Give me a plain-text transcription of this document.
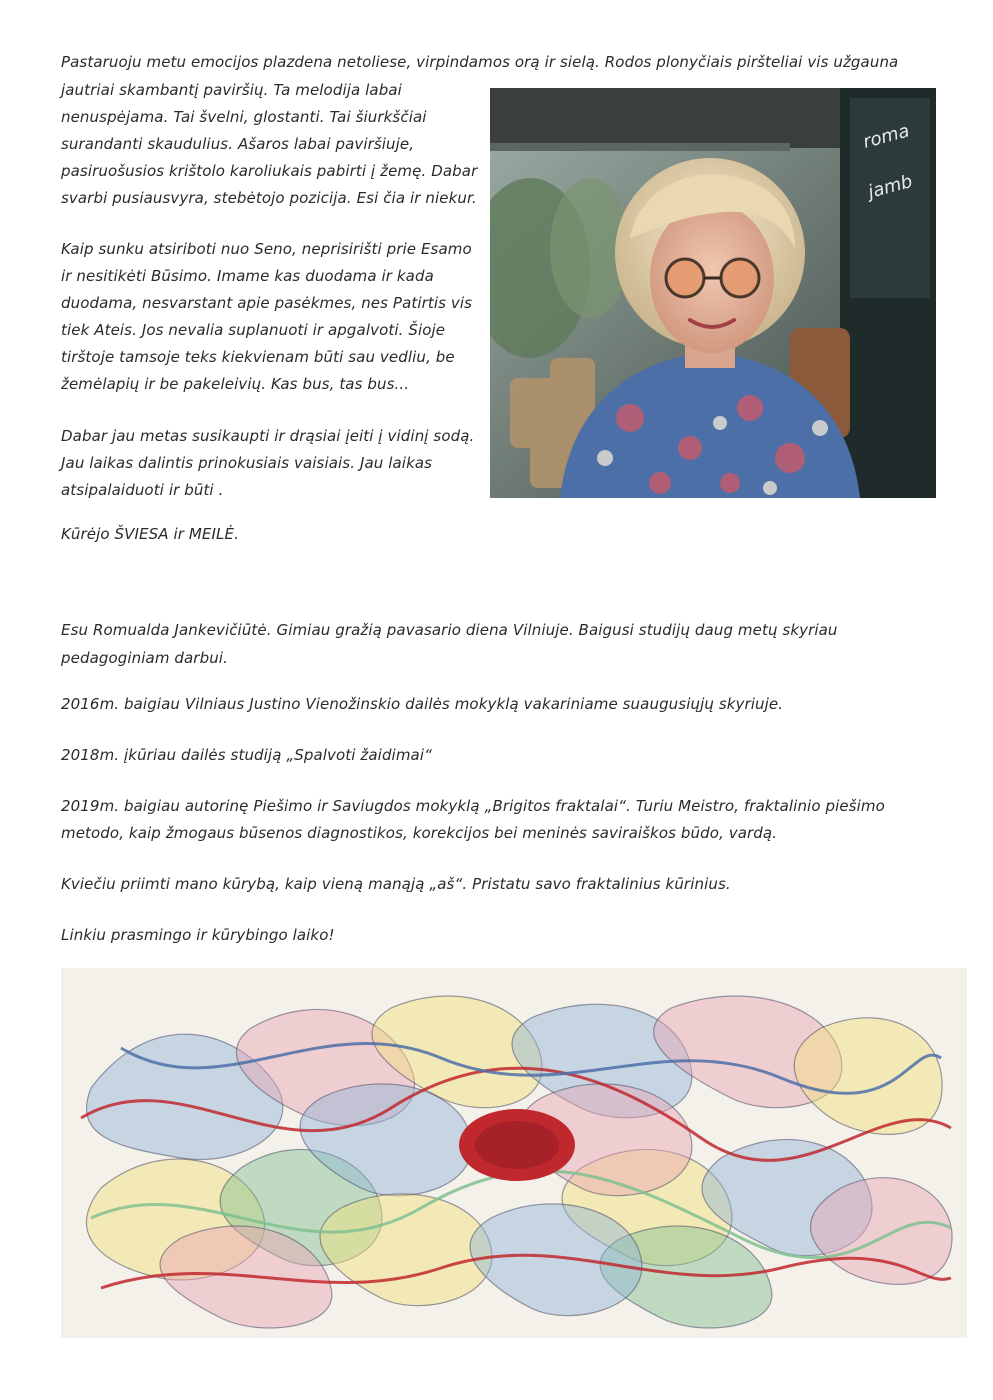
Pastaruoju metu emocijos plazdena netoliese, virpindamos orą ir sielą. Rodos plonyčiais piršteliai vis užgauna
jautriai skambantį paviršių. Ta melodija labai
nenuspėjama. Tai švelni, glostanti. Tai šiurkščiai
surandanti skaudulius. Ašaros labai paviršiuje,
pasiruošusios krištolo karoliukais pabirti į žemę. Dabar
svarbi pusiausvyra, stebėtojo pozicija. Esi čia ir niekur.
Kaip sunku atsiriboti nuo Seno, neprisirišti prie Esamo
ir nesitikėti Būsimo. Imame kas duodama ir kada
duodama, nesvarstant apie pasėkmes, nes Patirtis vis
tiek Ateis. Jos nevalia suplanuoti ir apgalvoti. Šioje
tirštoje tamsoje teks kiekvienam būti sau vedliu, be
žemėlapių ir be pakeleivių. Kas bus, tas bus...
Dabar jau metas susikaupti ir drąsiai įeiti į vidinį sodą.
Jau laikas dalintis prinokusiais vaisiais. Jau laikas
atsipalaiduoti ir būti .
Kūrėjo ŠVIESA ir MEILĖ.
roma
jamb
Esu Romualda Jankevičiūtė. Gimiau gražią pavasario diena Vilniuje. Baigusi studijų daug metų skyriau
pedagoginiam darbui.
2016m. baigiau Vilniaus Justino Vienožinskio dailės mokyklą vakariniame suaugusiųjų skyriuje.
2018m. įkūriau dailės studiją „Spalvoti žaidimai“
2019m. baigiau autorinę Piešimo ir Saviugdos mokyklą „Brigitos fraktalai“. Turiu Meistro, fraktalinio piešimo
metodo, kaip žmogaus būsenos diagnostikos, korekcijos bei meninės saviraiškos būdo, vardą.
Kviečiu priimti mano kūrybą, kaip vieną manąją „aš“. Pristatu savo fraktalinius kūrinius.
Linkiu prasmingo ir kūrybingo laiko!
